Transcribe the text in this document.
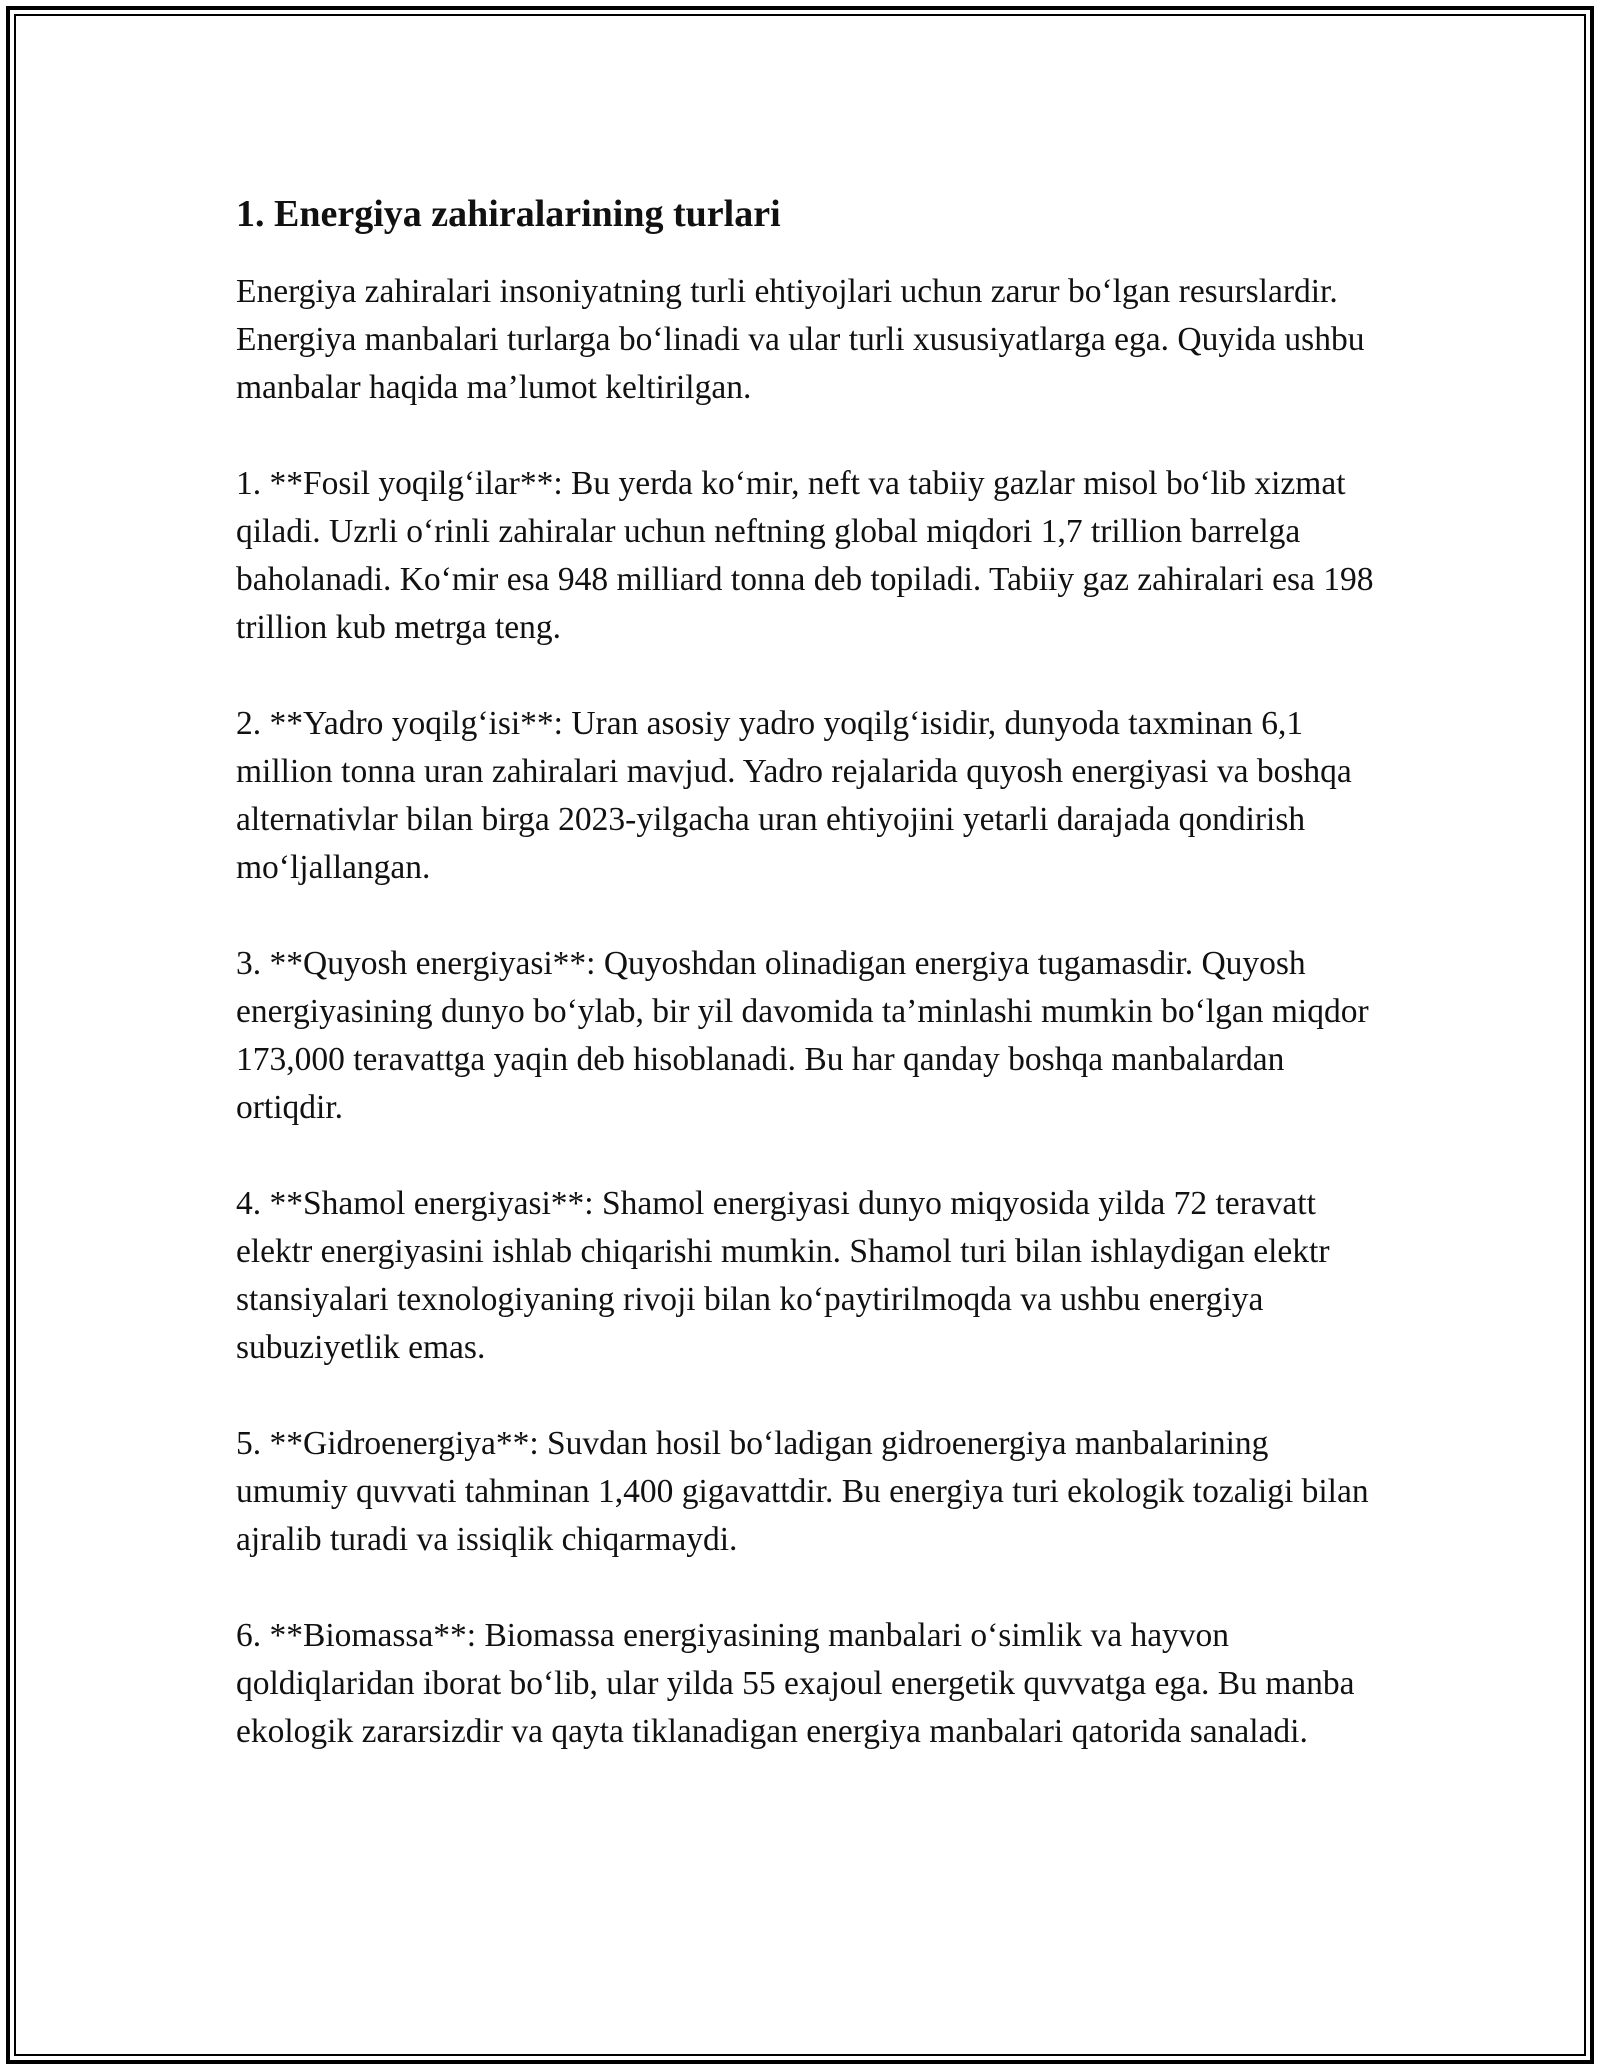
1. Energiya zahiralarining turlari

Energiya zahiralari insoniyatning turli ehtiyojlari uchun zarur bo‘lgan resurslardir. Energiya manbalari turlarga bo‘linadi va ular turli xususiyatlarga ega. Quyida ushbu manbalar haqida ma’lumot keltirilgan.

1. **Fosil yoqilg‘ilar**: Bu yerda ko‘mir, neft va tabiiy gazlar misol bo‘lib xizmat qiladi. Uzrli o‘rinli zahiralar uchun neftning global miqdori 1,7 trillion barrelga baholanadi. Ko‘mir esa 948 milliard tonna deb topiladi. Tabiiy gaz zahiralari esa 198 trillion kub metrga teng.

2. **Yadro yoqilg‘isi**: Uran asosiy yadro yoqilg‘isidir, dunyoda taxminan 6,1 million tonna uran zahiralari mavjud. Yadro rejalarida quyosh energiyasi va boshqa alternativlar bilan birga 2023-yilgacha uran ehtiyojini yetarli darajada qondirish mo‘ljallangan.

3. **Quyosh energiyasi**: Quyoshdan olinadigan energiya tugamasdir. Quyosh energiyasining dunyo bo‘ylab, bir yil davomida ta’minlashi mumkin bo‘lgan miqdor 173,000 teravattga yaqin deb hisoblanadi. Bu har qanday boshqa manbalardan ortiqdir.

4. **Shamol energiyasi**: Shamol energiyasi dunyo miqyosida yilda 72 teravatt elektr energiyasini ishlab chiqarishi mumkin. Shamol turi bilan ishlaydigan elektr stansiyalari texnologiyaning rivoji bilan ko‘paytirilmoqda va ushbu energiya subuziyetlik emas.

5. **Gidroenergiya**: Suvdan hosil bo‘ladigan gidroenergiya manbalarining umumiy quvvati tahminan 1,400 gigavattdir. Bu energiya turi ekologik tozaligi bilan ajralib turadi va issiqlik chiqarmaydi.

6. **Biomassa**: Biomassa energiyasining manbalari o‘simlik va hayvon qoldiqlaridan iborat bo‘lib, ular yilda 55 exajoul energetik quvvatga ega. Bu manba ekologik zararsizdir va qayta tiklanadigan energiya manbalari qatorida sanaladi.
